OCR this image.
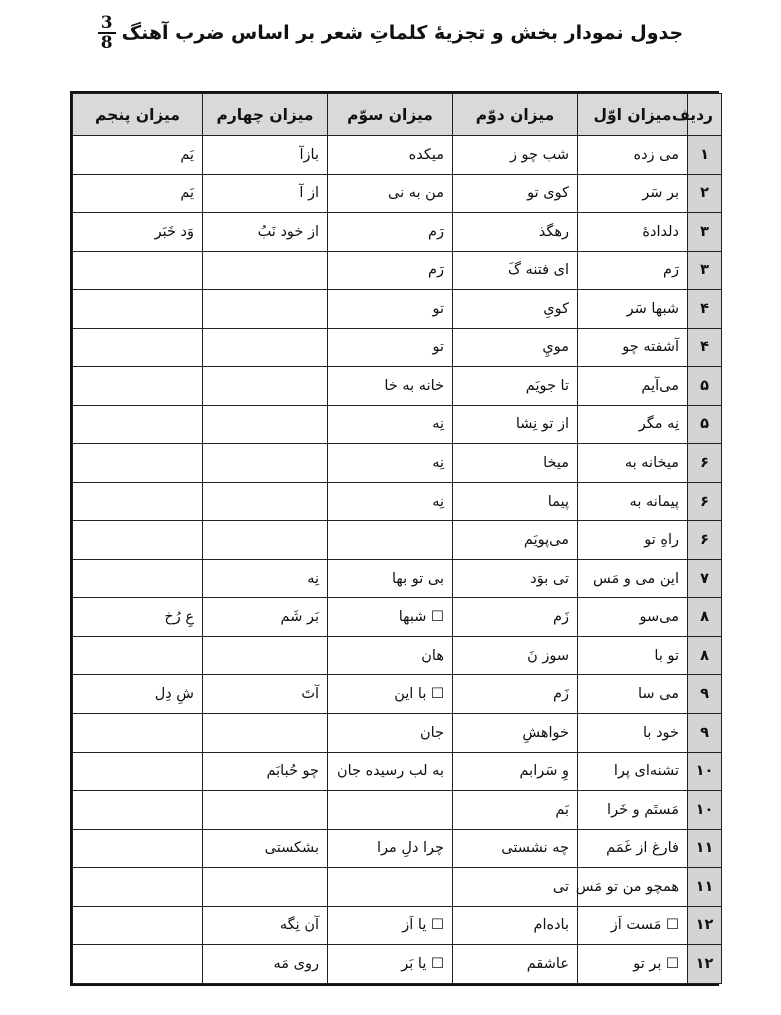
جدول نمودار بخش و تجزیهٔ کلماتِ شعر بر اساس ضرب آهنگ
$\frac{3}{8}$
ردیف	میزان اوّل	میزان دوّم	میزان سوّم	میزان چهارم	میزان پنجم
۱	می زده	شب چو ز	میکده	بازآ	یَم
۲	بر سَر	کوی تو	من به نی	از آ	یَم
۳	دلدادهٔ	رهگذ	رَم	از خود نَبُ	وَد خَبَر
۳	رَم	ای فتنه گَ	رَم		
۴	شبها سَر	کویِ	تو		
۴	آشفته چو	مويِ	تو		
۵	می‌آیم	تا جویَم	خانه به خا		
۵	نِه مگر	از تو نِشا	نِه		
۶	میخانه به	میخا	نِه		
۶	پیمانه به	پیما	نِه		
۶	راهِ تو	می‌پویَم			
۷	این می و مَس	تی بوَد	بی تو بها	نِه	
۸	می‌سو	زَم	☐ شبها	بَر شَم	عِ رُخ
۸	تو با	سوز نَ	هان		
۹	می سا	زَم	☐ با این	آتَ	شِ دِل
۹	خود با	خواهشِ	جان		
۱۰	تشنه‌ای پرا	وِ سَرابم	به لب رسیده جان	چو حُبابَم	
۱۰	مَستَم و خَرا	بَم			
۱۱	فارغ از غَمَم	چه نشستی	چرا دلِ مرا	بشکستی	
۱۱	همچو من تو مَس	تی			
۱۲	☐ مَست اَز	باده‌ام	☐ یا اَز	آن نِگه	
۱۲	☐ بر تو	عاشقم	☐ یا بَر	روی مَه	
